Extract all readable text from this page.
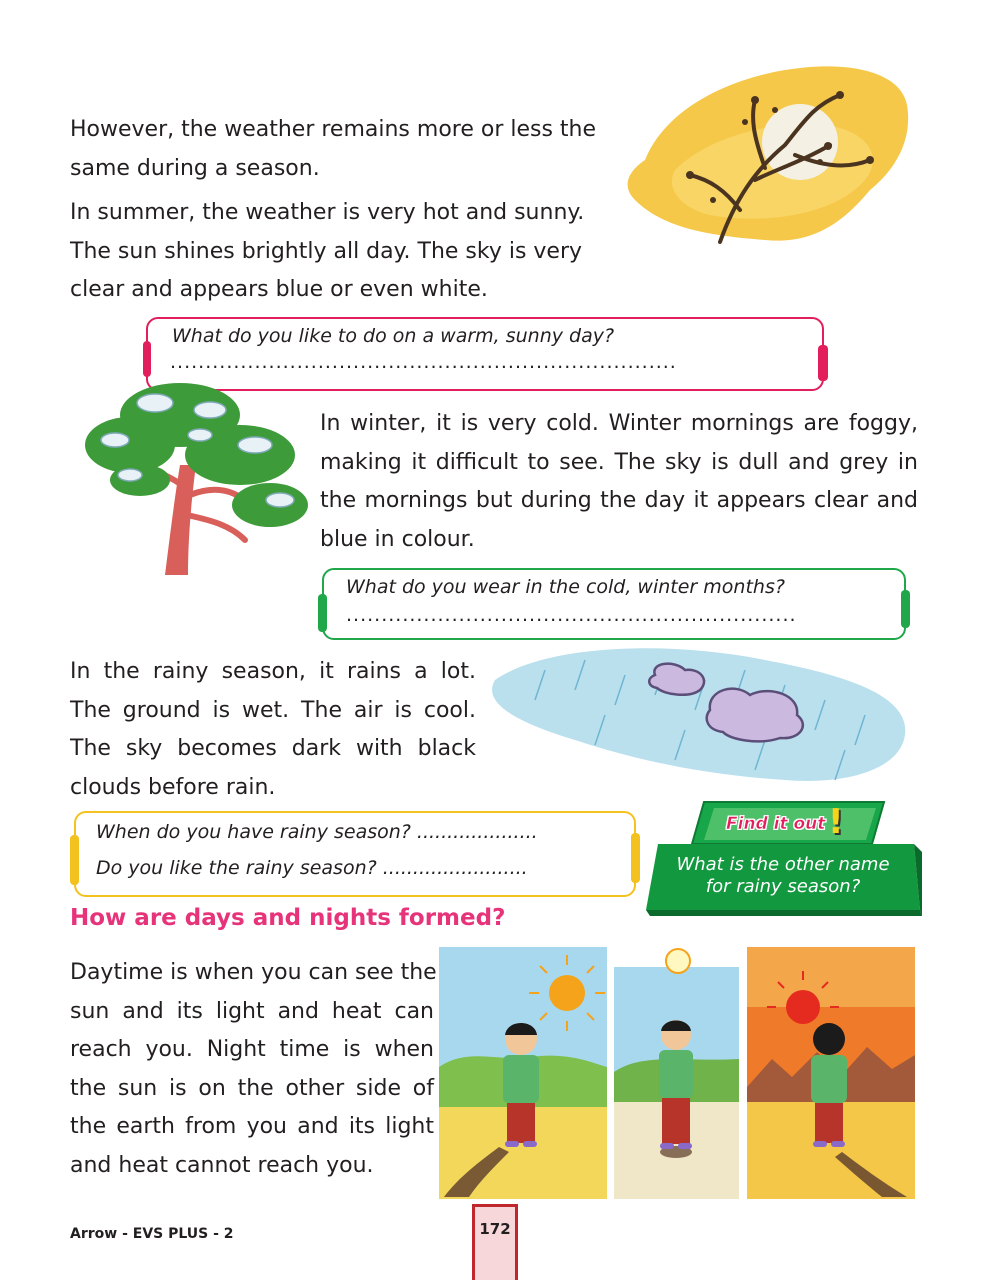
However, the weather remains more or less the
same during a season.

In summer, the weather is very hot and sunny.
The sun shines brightly all day. The sky is very
clear and appears blue or even white.

What do you like to do on a warm, sunny day?
........................................................................

In winter, it is very cold. Winter mornings are foggy,
making it difficult to see. The sky is dull and grey in
the mornings but during the day it appears clear and
blue in colour.

What do you wear in the cold, winter months?
................................................................

In the rainy season, it rains a lot.
The ground is wet. The air is cool.
The sky becomes dark with black
clouds before rain.

When do you have rainy season? ....................
Do you like the rainy season? ........................
Find it out !
What is the other name
for rainy season?
How are days and nights formed?

Daytime is when you can see the
sun and its light and heat can
reach you. Night time is when
the sun is on the other side of
the earth from you and its light
and heat cannot reach you.

Arrow - EVS PLUS - 2	172
